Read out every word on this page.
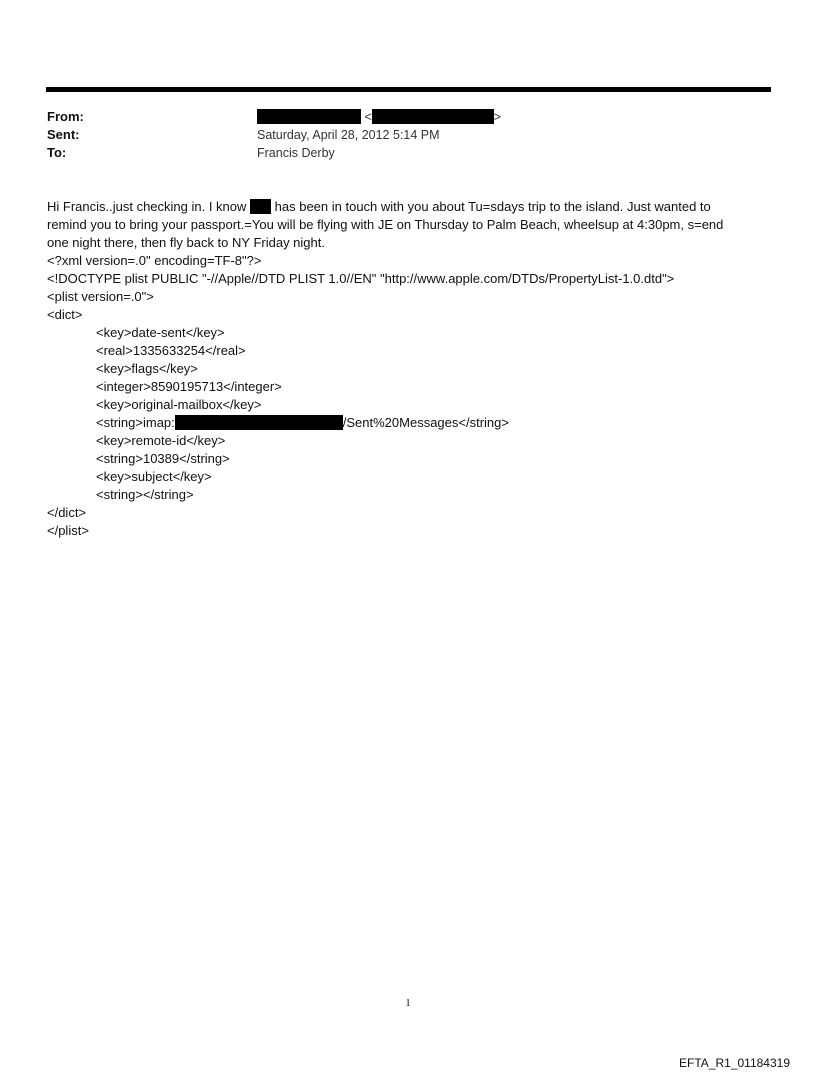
From:	<	>
Sent:	Saturday, April 28, 2012 5:14 PM
To:	Francis Derby
Hi Francis..just checking in. I know  has been in touch with you about Tu=sdays trip to the island. Just wanted to
remind you to bring your passport.=You will be flying with JE on Thursday to Palm Beach, wheelsup at 4:30pm, s=end
one night there, then fly back to NY Friday night.
<?xml version=.0" encoding=TF-8"?>
<!DOCTYPE plist PUBLIC "-//Apple//DTD PLIST 1.0//EN" "http://www.apple.com/DTDs/PropertyList-1.0.dtd">
<plist version=.0">
<dict>
<key>date-sent</key>
<real>1335633254</real>
<key>flags</key>
<integer>8590195713</integer>
<key>original-mailbox</key>
<string>imap:	/Sent%20Messages</string>
<key>remote-id</key>
<string>10389</string>
<key>subject</key>
<string></string>
</dict>
</plist>
1
EFTA_R1_01184319
